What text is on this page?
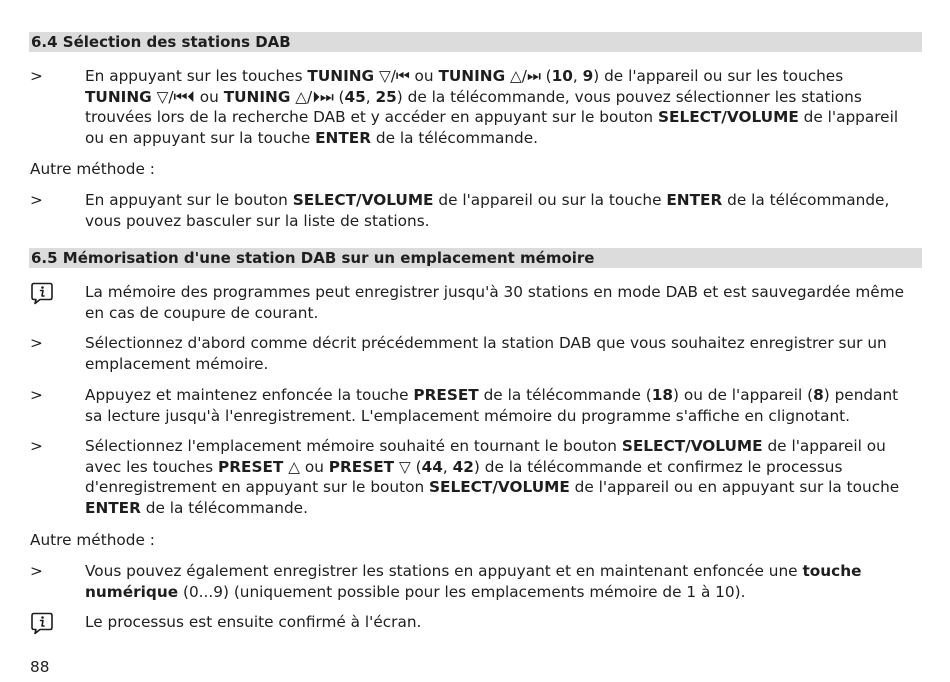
6.4 Sélection des stations DAB
>	En appuyant sur les touches TUNING ▽/⏮ ou TUNING △/⏭ (10, 9) de l'appareil ou sur les touches TUNING ▽/⏮⏴ ou TUNING △/⏵⏭ (45, 25) de la télécommande, vous pouvez sélectionner les stations trouvées lors de la recherche DAB et y accéder en appuyant sur le bouton SELECT/VOLUME de l'appareil ou en appuyant sur la touche ENTER de la télécommande.
Autre méthode :
>	En appuyant sur le bouton SELECT/VOLUME de l'appareil ou sur la touche ENTER de la télécommande, vous pouvez basculer sur la liste de stations.
6.5 Mémorisation d'une station DAB sur un emplacement mémoire
La mémoire des programmes peut enregistrer jusqu'à 30 stations en mode DAB et est sauvegardée même en cas de coupure de courant.
>	Sélectionnez d'abord comme décrit précédemment la station DAB que vous souhaitez enregistrer sur un emplacement mémoire.
>	Appuyez et maintenez enfoncée la touche PRESET de la télécommande (18) ou de l'appareil (8) pendant sa lecture jusqu'à l'enregistrement. L'emplacement mémoire du programme s'affiche en clignotant.
>	Sélectionnez l'emplacement mémoire souhaité en tournant le bouton SELECT/VOLUME de l'appareil ou avec les touches PRESET △ ou PRESET ▽ (44, 42) de la télécommande et confirmez le processus d'enregistrement en appuyant sur le bouton SELECT/VOLUME de l'appareil ou en appuyant sur la touche ENTER de la télécommande.
Autre méthode :
>	Vous pouvez également enregistrer les stations en appuyant et en maintenant enfoncée une touche numérique (0...9) (uniquement possible pour les emplacements mémoire de 1 à 10).
Le processus est ensuite confirmé à l'écran.
88
